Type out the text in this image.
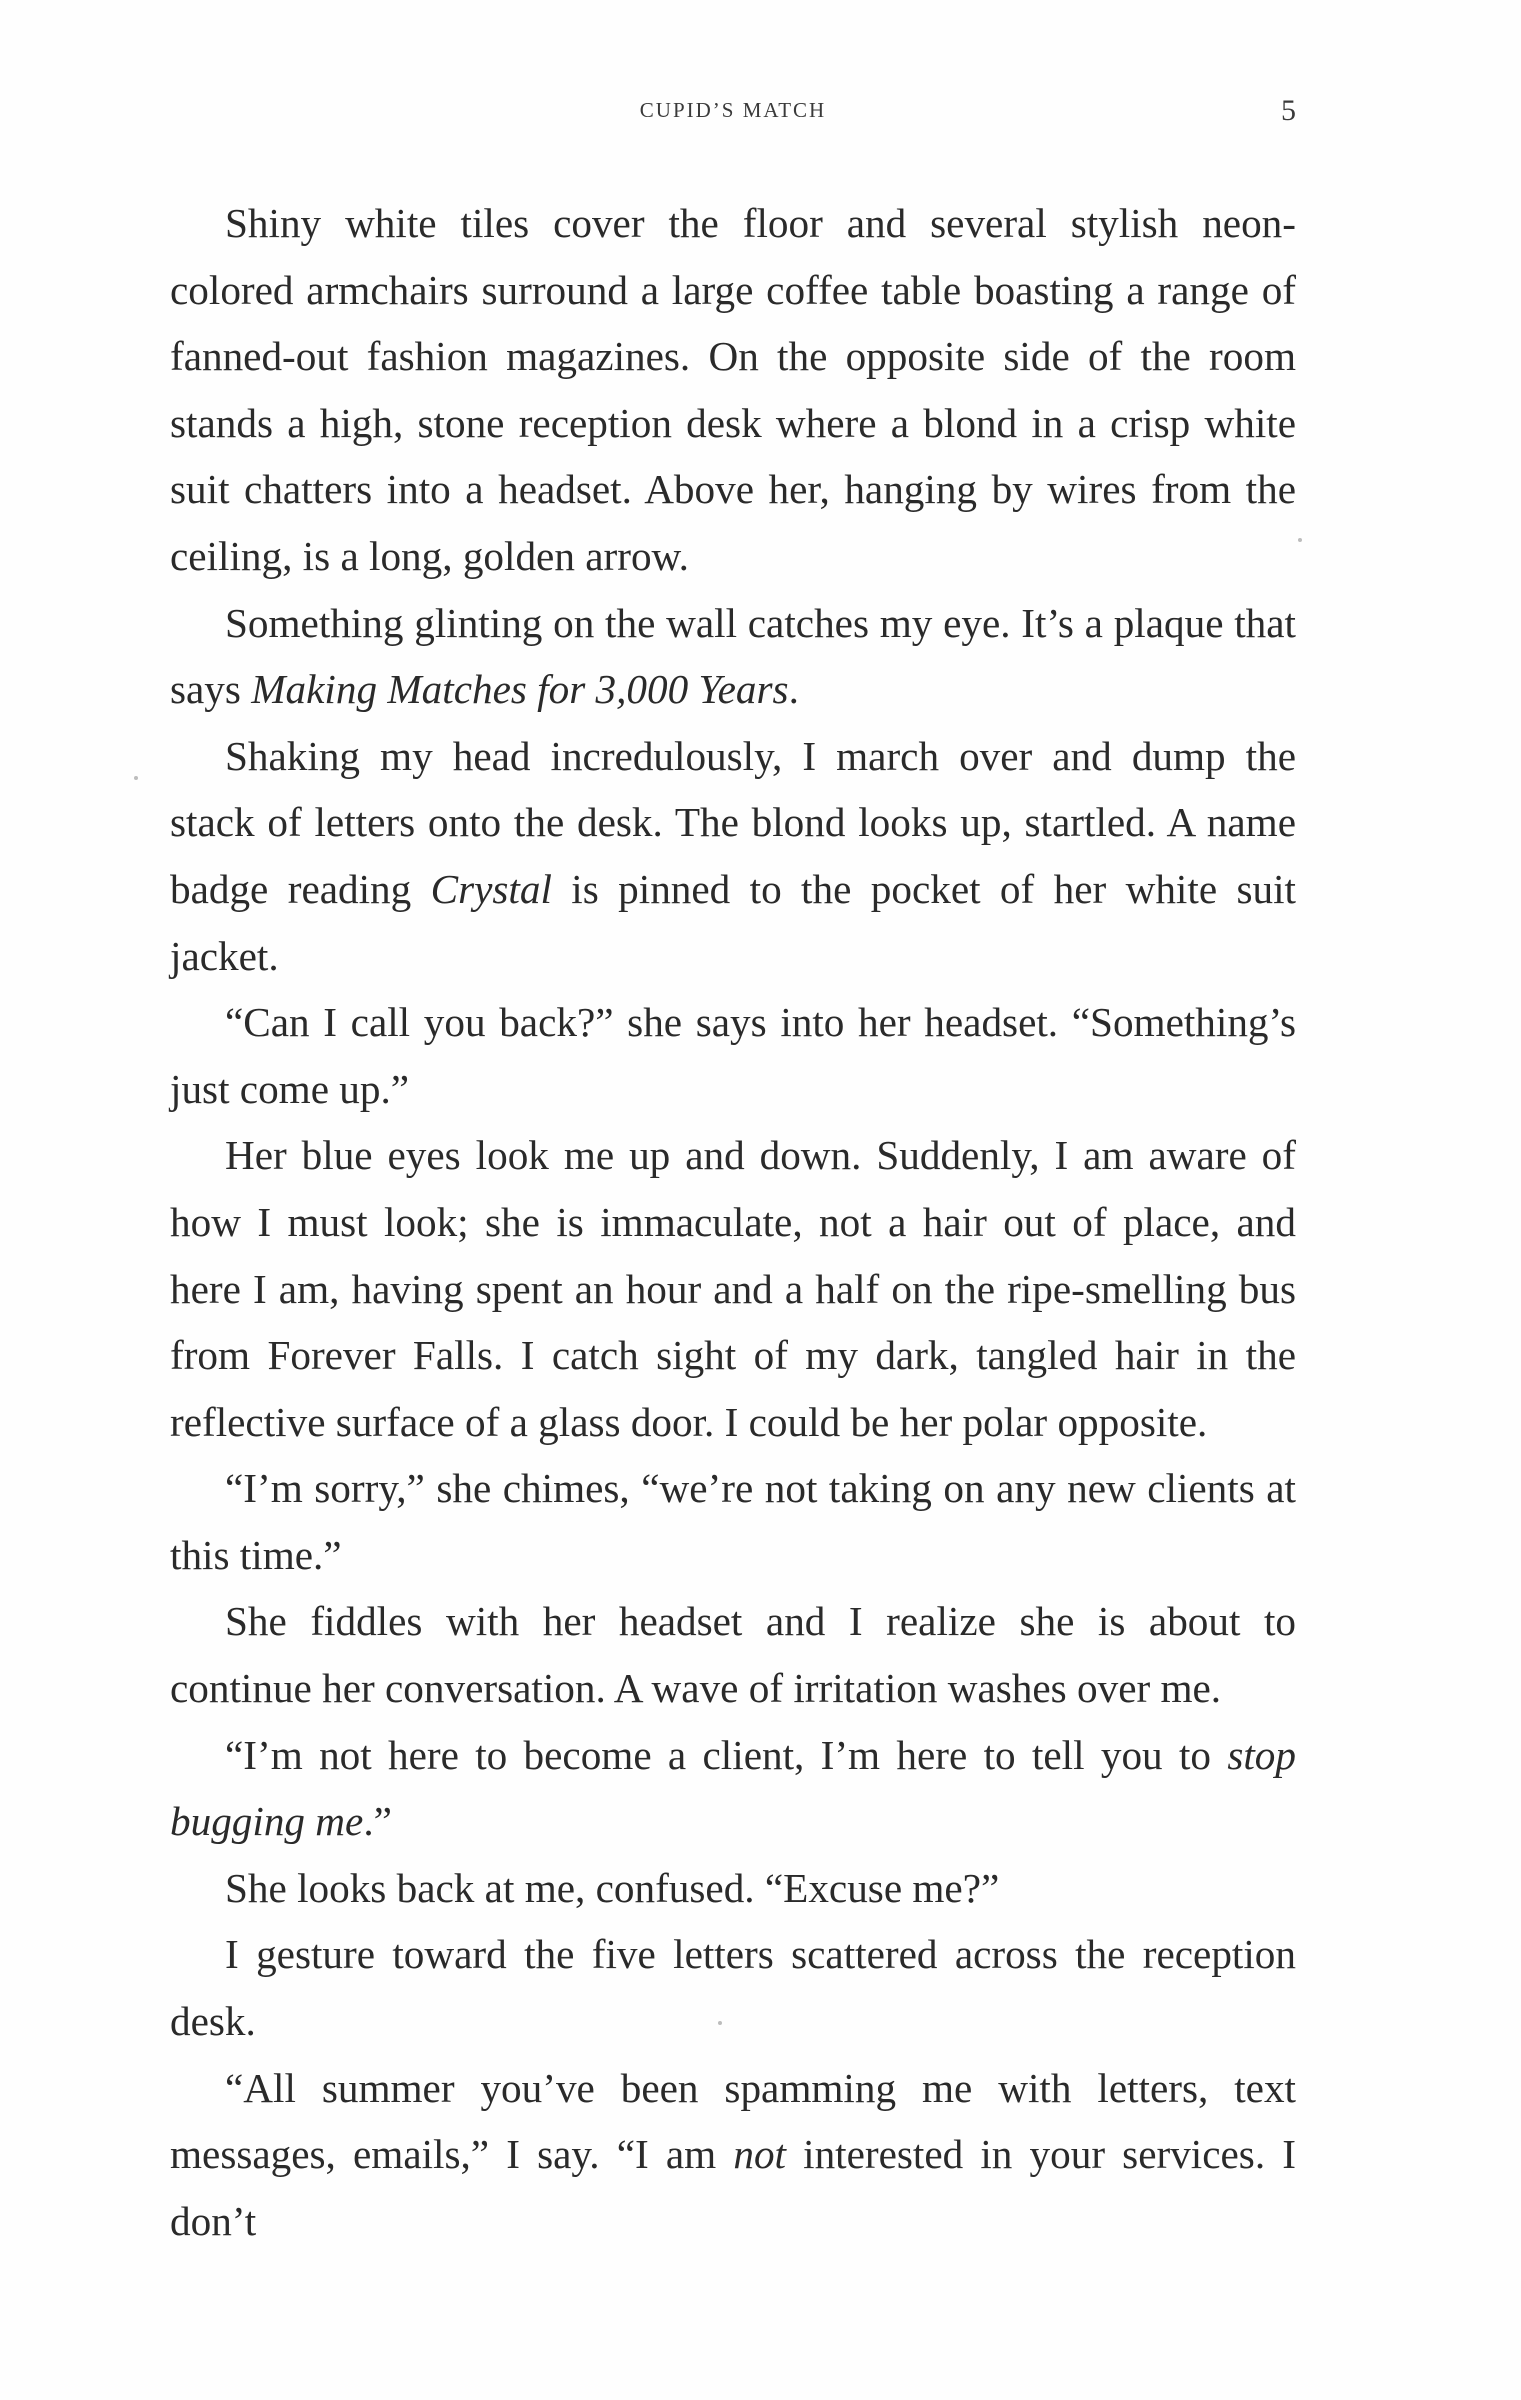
CUPID’S MATCH	5

Shiny white tiles cover the floor and several stylish neon-colored armchairs surround a large coffee table boasting a range of fanned-out fashion magazines. On the opposite side of the room stands a high, stone reception desk where a blond in a crisp white suit chatters into a headset. Above her, hanging by wires from the ceiling, is a long, golden arrow.

Something glinting on the wall catches my eye. It’s a plaque that says Making Matches for 3,000 Years.

Shaking my head incredulously, I march over and dump the stack of letters onto the desk. The blond looks up, startled. A name badge reading Crystal is pinned to the pocket of her white suit jacket.

“Can I call you back?” she says into her headset. “Something’s just come up.”

Her blue eyes look me up and down. Suddenly, I am aware of how I must look; she is immaculate, not a hair out of place, and here I am, having spent an hour and a half on the ripe-smelling bus from Forever Falls. I catch sight of my dark, tangled hair in the reflective surface of a glass door. I could be her polar opposite.

“I’m sorry,” she chimes, “we’re not taking on any new clients at this time.”

She fiddles with her headset and I realize she is about to continue her conversation. A wave of irritation washes over me.

“I’m not here to become a client, I’m here to tell you to stop bugging me.”

She looks back at me, confused. “Excuse me?”

I gesture toward the five letters scattered across the reception desk.

“All summer you’ve been spamming me with letters, text messages, emails,” I say. “I am not interested in your services. I don’t
